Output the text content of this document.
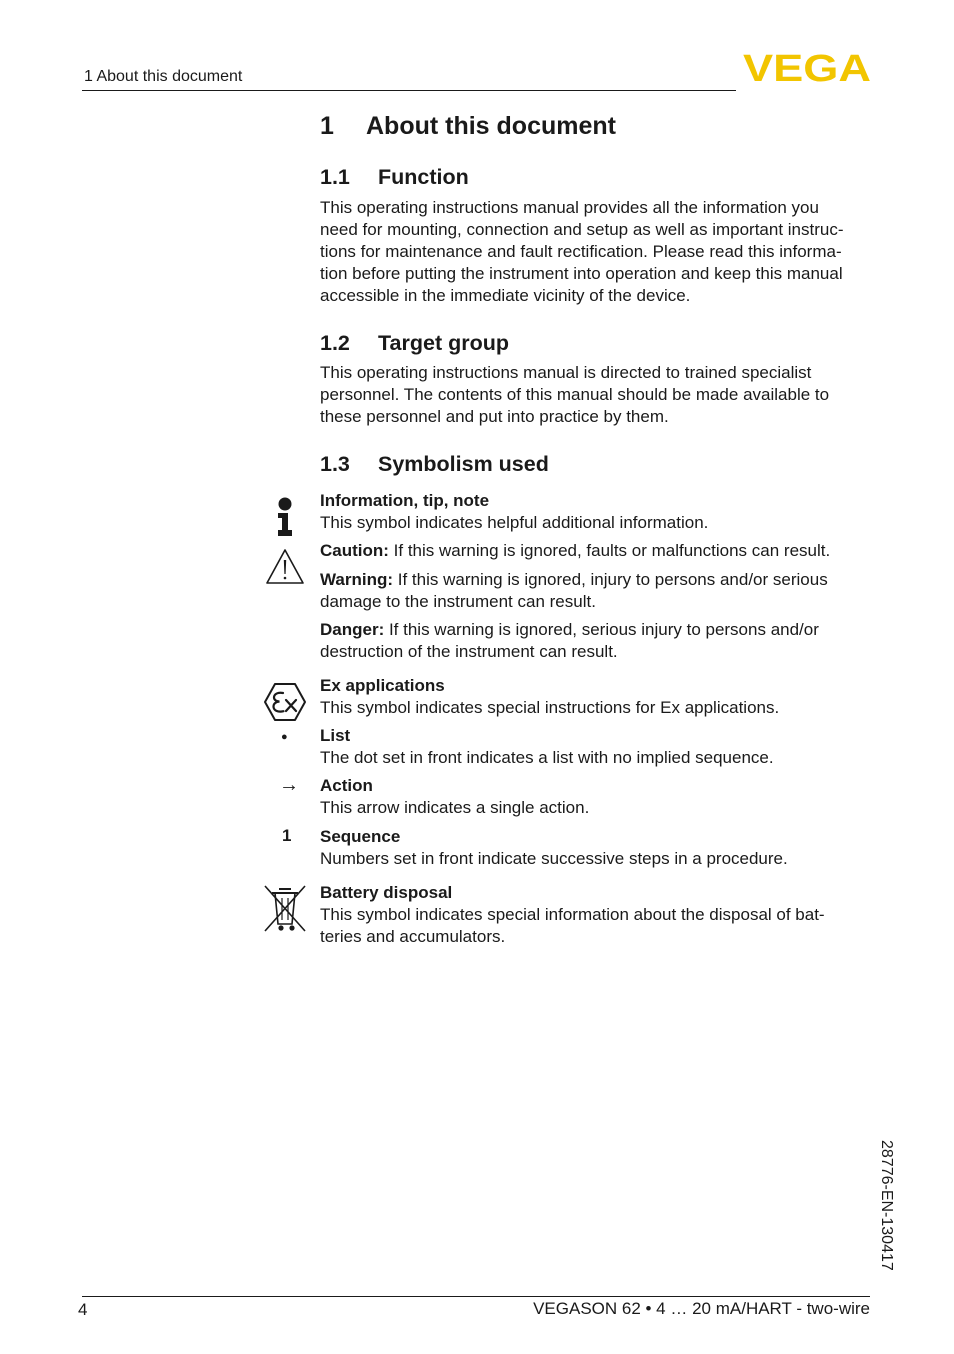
1 About this document	VEGA
1 About this document
1.1 Function
This operating instructions manual provides all the information you
need for mounting, connection and setup as well as important instruc-
tions for maintenance and fault rectification. Please read this informa-
tion before putting the instrument into operation and keep this manual
accessible in the immediate vicinity of the device.
1.2 Target group
This operating instructions manual is directed to trained specialist
personnel. The contents of this manual should be made available to
these personnel and put into practice by them.
1.3 Symbolism used
Information, tip, note
This symbol indicates helpful additional information.
Caution: If this warning is ignored, faults or malfunctions can result.
Warning: If this warning is ignored, injury to persons and/or serious
damage to the instrument can result.
Danger: If this warning is ignored, serious injury to persons and/or
destruction of the instrument can result.
Ex applications
This symbol indicates special instructions for Ex applications.
● List
The dot set in front indicates a list with no implied sequence.
→ Action
This arrow indicates a single action.
1 Sequence
Numbers set in front indicate successive steps in a procedure.
Battery disposal
This symbol indicates special information about the disposal of bat-
teries and accumulators.
28776-EN-130417
4	VEGASON 62 • 4 … 20 mA/HART - two-wire
